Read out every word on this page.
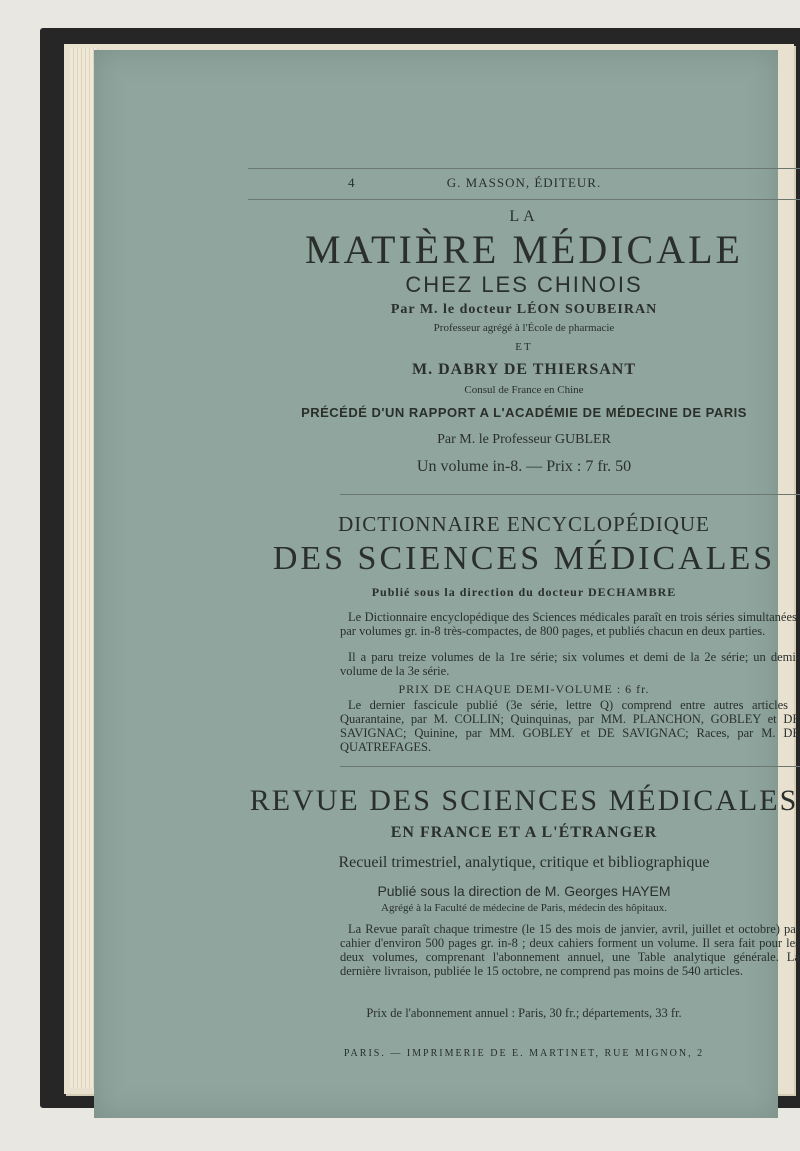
4	G. MASSON, ÉDITEUR.
LA
MATIÈRE MÉDICALE
CHEZ LES CHINOIS
Par M. le docteur LÉON SOUBEIRAN
Professeur agrégé à l'École de pharmacie
ET
M. DABRY DE THIERSANT
Consul de France en Chine
PRÉCÉDÉ D'UN RAPPORT A L'ACADÉMIE DE MÉDECINE DE PARIS
Par M. le Professeur GUBLER
Un volume in-8. — Prix : 7 fr. 50
DICTIONNAIRE ENCYCLOPÉDIQUE
DES SCIENCES MÉDICALES
Publié sous la direction du docteur DECHAMBRE
Le Dictionnaire encyclopédique des Sciences médicales paraît en trois séries simultanées, par volumes gr. in-8 très-compactes, de 800 pages, et publiés chacun en deux parties.
Il a paru treize volumes de la 1re série; six volumes et demi de la 2e série; un demi-volume de la 3e série.
PRIX DE CHAQUE DEMI-VOLUME : 6 fr.
Le dernier fascicule publié (3e série, lettre Q) comprend entre autres articles : Quarantaine, par M. COLLIN; Quinquinas, par MM. PLANCHON, GOBLEY et DE SAVIGNAC; Quinine, par MM. GOBLEY et DE SAVIGNAC; Races, par M. DE QUATREFAGES.
REVUE DES SCIENCES MÉDICALES
EN FRANCE ET A L'ÉTRANGER
Recueil trimestriel, analytique, critique et bibliographique
Publié sous la direction de M. Georges HAYEM
Agrégé à la Faculté de médecine de Paris, médecin des hôpitaux.
La Revue paraît chaque trimestre (le 15 des mois de janvier, avril, juillet et octobre) par cahier d'environ 500 pages gr. in-8 ; deux cahiers forment un volume. Il sera fait pour les deux volumes, comprenant l'abonnement annuel, une Table analytique générale. La dernière livraison, publiée le 15 octobre, ne comprend pas moins de 540 articles.
Prix de l'abonnement annuel : Paris, 30 fr.; départements, 33 fr.
PARIS. — IMPRIMERIE DE E. MARTINET, RUE MIGNON, 2
